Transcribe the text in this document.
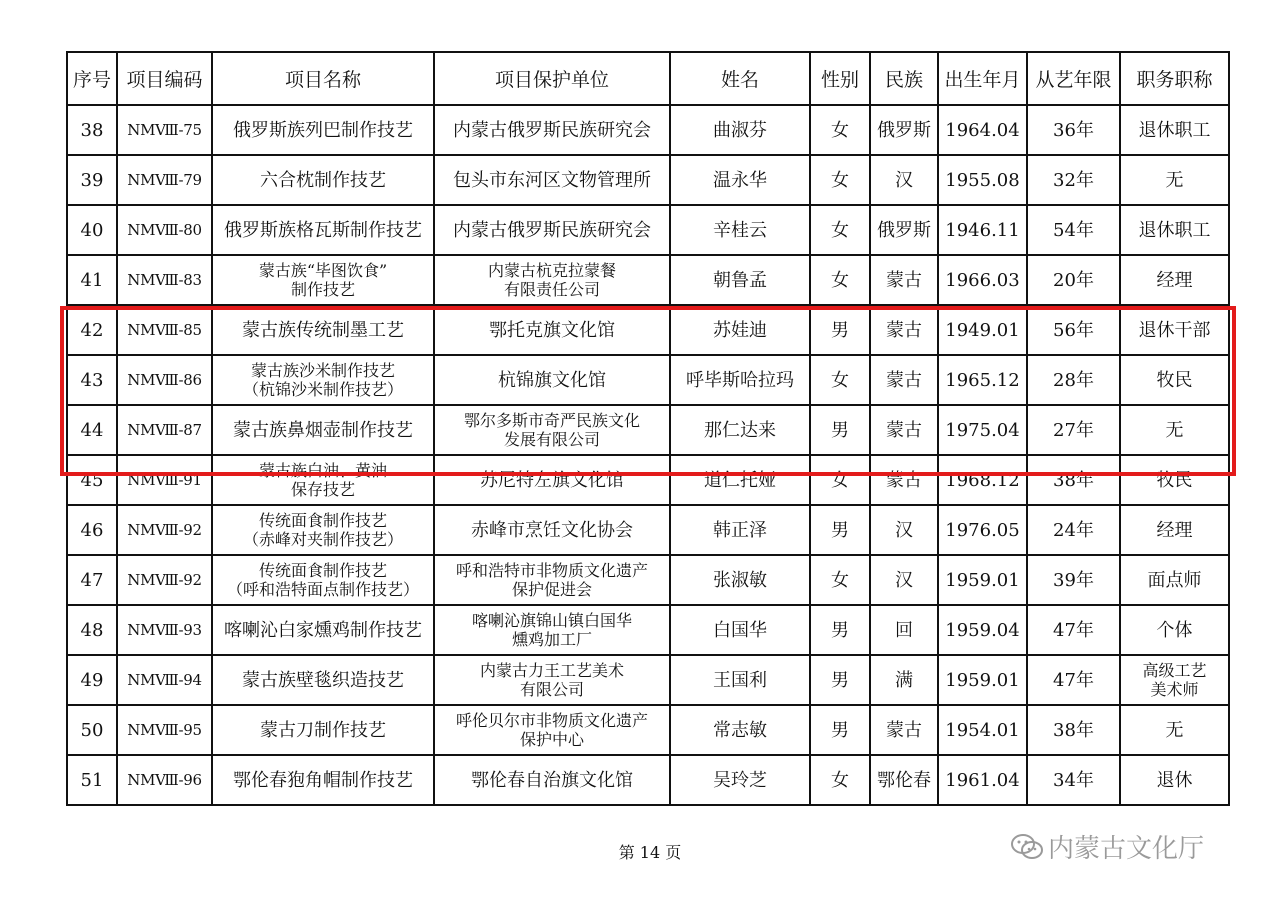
序号	项目编码	项目名称	项目保护单位	姓名	性别	民族	出生年月	从艺年限	职务职称
38	NMⅧ-75	俄罗斯族列巴制作技艺	内蒙古俄罗斯民族研究会	曲淑芬	女	俄罗斯	1964.04	36年	退休职工
39	NMⅧ-79	六合枕制作技艺	包头市东河区文物管理所	温永华	女	汉	1955.08	32年	无
40	NMⅧ-80	俄罗斯族格瓦斯制作技艺	内蒙古俄罗斯民族研究会	辛桂云	女	俄罗斯	1946.11	54年	退休职工
41	NMⅧ-83	蒙古族“毕图饮食”
制作技艺	内蒙古杭克拉蒙餐
有限责任公司	朝鲁孟	女	蒙古	1966.03	20年	经理
42	NMⅧ-85	蒙古族传统制墨工艺	鄂托克旗文化馆	苏娃迪	男	蒙古	1949.01	56年	退休干部
43	NMⅧ-86	蒙古族沙米制作技艺
（杭锦沙米制作技艺）	杭锦旗文化馆	呼毕斯哈拉玛	女	蒙古	1965.12	28年	牧民
44	NMⅧ-87	蒙古族鼻烟壶制作技艺	鄂尔多斯市奇严民族文化
发展有限公司	那仁达来	男	蒙古	1975.04	27年	无
45	NMⅧ-91	蒙古族白油、黄油
保存技艺	苏尼特左旗文化馆	道仁托娅	女	蒙古	1968.12	38年	牧民
46	NMⅧ-92	传统面食制作技艺
（赤峰对夹制作技艺）	赤峰市烹饪文化协会	韩正泽	男	汉	1976.05	24年	经理
47	NMⅧ-92	传统面食制作技艺
（呼和浩特面点制作技艺）	呼和浩特市非物质文化遗产
保护促进会	张淑敏	女	汉	1959.01	39年	面点师
48	NMⅧ-93	喀喇沁白家燻鸡制作技艺	喀喇沁旗锦山镇白国华
燻鸡加工厂	白国华	男	回	1959.04	47年	个体
49	NMⅧ-94	蒙古族壁毯织造技艺	内蒙古力王工艺美术
有限公司	王国利	男	满	1959.01	47年	高级工艺
美术师
50	NMⅧ-95	蒙古刀制作技艺	呼伦贝尔市非物质文化遗产
保护中心	常志敏	男	蒙古	1954.01	38年	无
51	NMⅧ-96	鄂伦春狍角帽制作技艺	鄂伦春自治旗文化馆	吴玲芝	女	鄂伦春	1961.04	34年	退休
第 14 页	内蒙古文化厅
